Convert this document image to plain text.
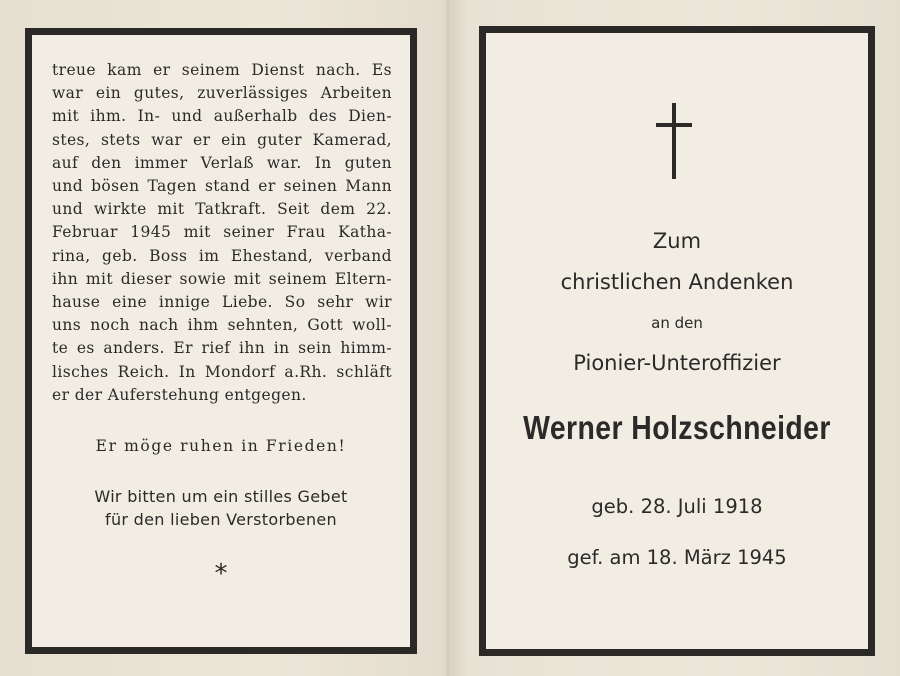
treue kam er seinem Dienst nach. Es
war ein gutes, zuverlässiges Arbeiten
mit ihm. In- und außerhalb des Dien-
stes, stets war er ein guter Kamerad,
auf den immer Verlaß war. In guten
und bösen Tagen stand er seinen Mann
und wirkte mit Tatkraft. Seit dem 22.
Februar 1945 mit seiner Frau Katha-
rina, geb. Boss im Ehestand, verband
ihn mit dieser sowie mit seinem Eltern-
hause eine innige Liebe. So sehr wir
uns noch nach ihm sehnten, Gott woll-
te es anders. Er rief ihn in sein himm-
lisches Reich. In Mondorf a.Rh. schläft
er der Auferstehung entgegen.
Er möge ruhen in Frieden!
Wir bitten um ein stilles Gebet
für den lieben Verstorbenen
*
Zum
christlichen Andenken
an den
Pionier-Unteroffizier
Werner Holzschneider
geb. 28. Juli 1918
gef. am 18. März 1945
